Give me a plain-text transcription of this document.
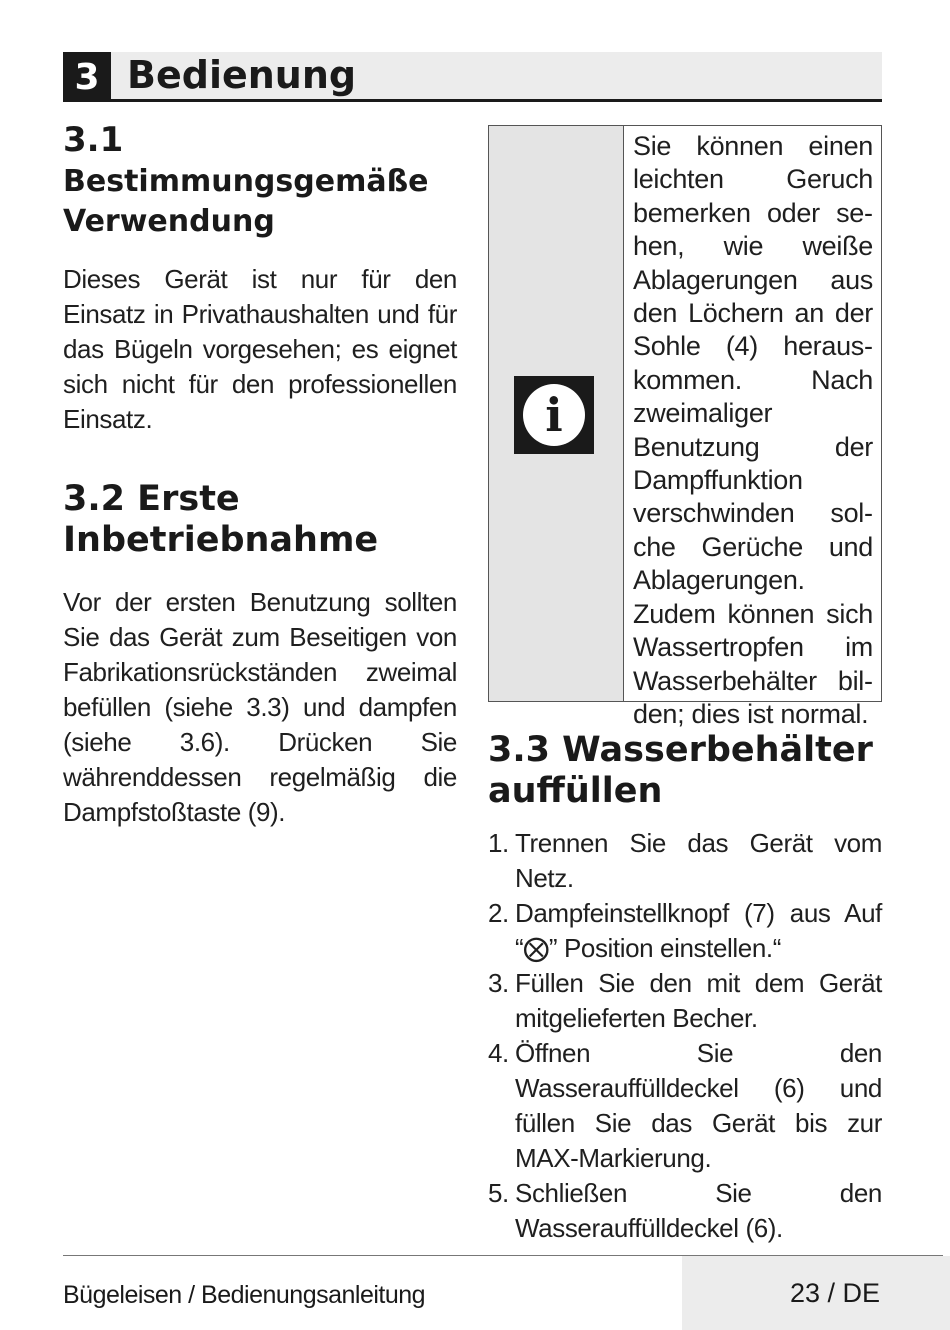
3 Bedienung
3.1
Bestimmungsgemäße
Verwendung

Dieses Gerät ist nur für den Einsatz in Privathaushalten und für das Bügeln vorgesehen; es eignet sich nicht für den professionellen Einsatz.

3.2 Erste
Inbetriebnahme

Vor der ersten Benutzung sollten Sie das Gerät zum Beseitigen von Fabrikationsrückständen zweimal befüllen (siehe 3.3) und dampfen (siehe 3.6). Drücken Sie währenddessen regelmäßig die Dampfstoßtaste (9).

i
Sie können einen leichten Geruch bemerken oder sehen, wie weiße Ablagerungen aus den Löchern an der Sohle (4) herauskommen. Nach zweimaliger Benutzung der Dampffunktion verschwinden solche Gerüche und Ablagerungen. Zudem können sich Wassertropfen im Wasserbehälter bilden; dies ist normal.
3.3 Wasserbehälter
auffüllen
1. Trennen Sie das Gerät vom Netz.
2. Dampfeinstellknopf (7) aus Auf “⨂” Position einstellen.“
3. Füllen Sie den mit dem Gerät mitgelieferten Becher.
4. Öffnen Sie den Wasserauffülldeckel (6) und füllen Sie das Gerät bis zur MAX-Markierung.
5. Schließen Sie den Wasserauffülldeckel (6).
Bügeleisen / Bedienungsanleitung	23 / DE
